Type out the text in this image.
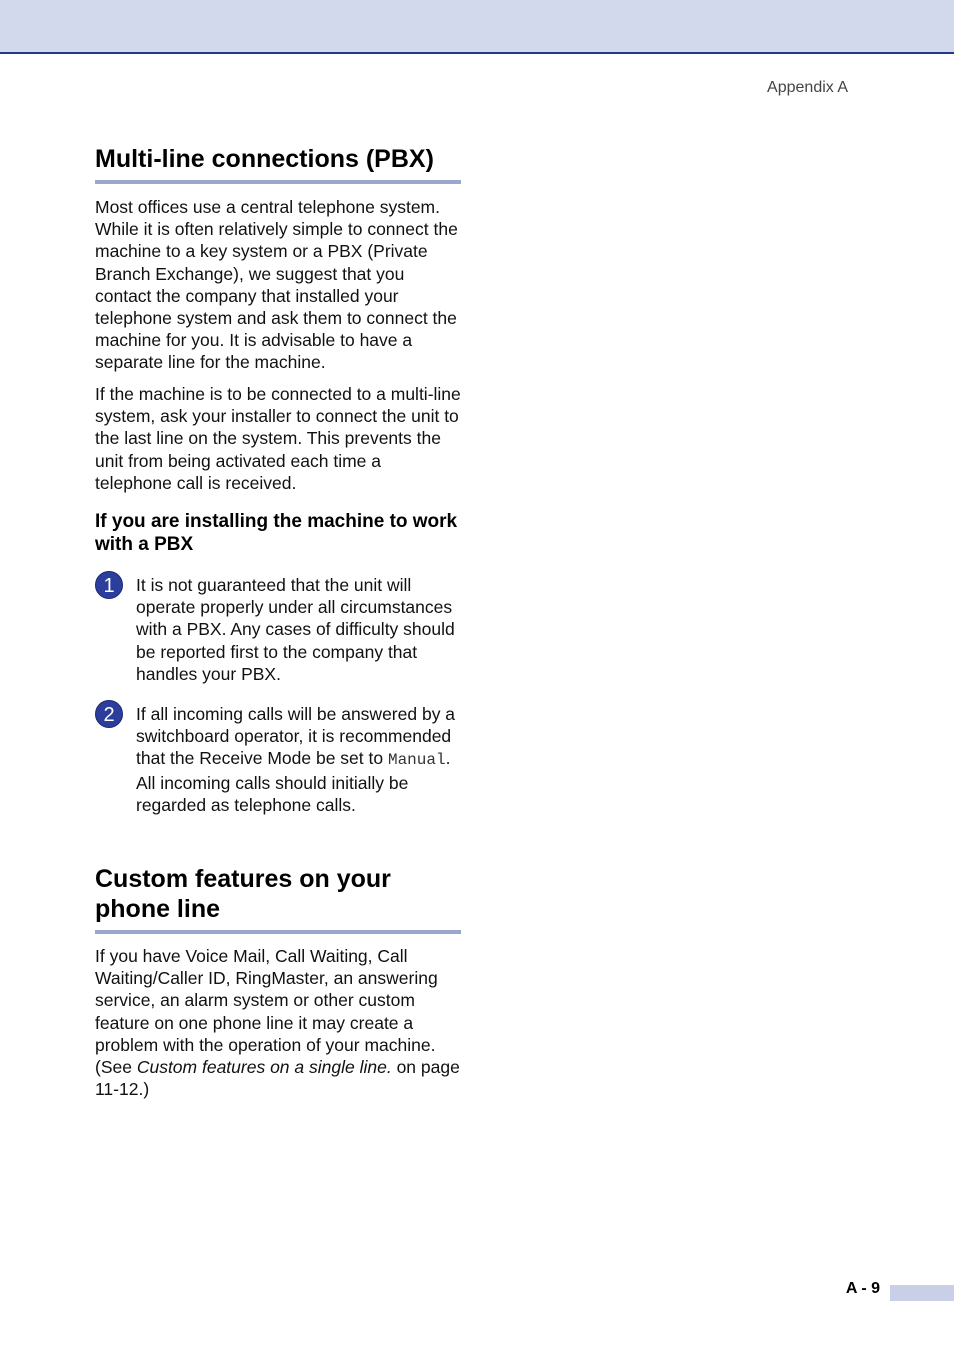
Appendix A
Multi-line connections (PBX)

Most offices use a central telephone system. While it is often relatively simple to connect the machine to a key system or a PBX (Private Branch Exchange), we suggest that you contact the company that installed your telephone system and ask them to connect the machine for you. It is advisable to have a separate line for the machine.

If the machine is to be connected to a multi-line system, ask your installer to connect the unit to the last line on the system. This prevents the unit from being activated each time a telephone call is received.

If you are installing the machine to work with a PBX
1	It is not guaranteed that the unit will operate properly under all circumstances with a PBX. Any cases of difficulty should be reported first to the company that handles your PBX.

2	If all incoming calls will be answered by a switchboard operator, it is recommended that the Receive Mode be set to Manual. All incoming calls should initially be regarded as telephone calls.

Custom features on your phone line

If you have Voice Mail, Call Waiting, Call Waiting/Caller ID, RingMaster, an answering service, an alarm system or other custom feature on one phone line it may create a problem with the operation of your machine. (See Custom features on a single line. on page 11-12.)

A - 9
